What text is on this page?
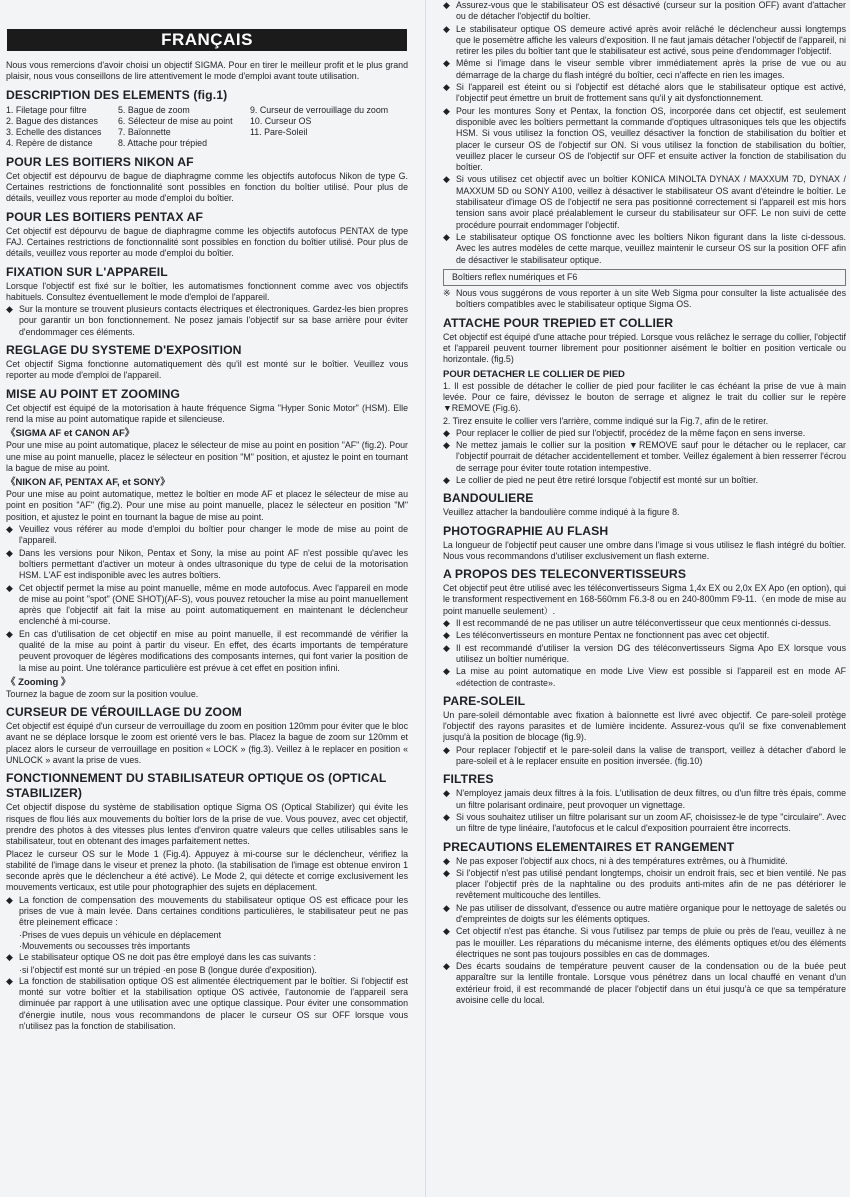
FRANÇAIS

Nous vous remercions d'avoir choisi un objectif SIGMA. Pour en tirer le meilleur profit et le plus grand plaisir, nous vous conseillons de lire attentivement le mode d'emploi avant toute utilisation.

DESCRIPTION DES ELEMENTS (fig.1)
1. Filetage pour filtre	5. Bague de zoom	9. Curseur de verrouillage du zoom
2. Bague des distances	6. Sélecteur de mise au point	10. Curseur OS
3. Echelle des distances	7. Baïonnette	11. Pare-Soleil
4. Repère de distance	8. Attache pour trépied
POUR LES BOITIERS NIKON AF

Cet objectif est dépourvu de bague de diaphragme comme les objectifs autofocus Nikon de type G. Certaines restrictions de fonctionnalité sont possibles en fonction du boîtier utilisé. Pour plus de détails, veuillez vous reporter au mode d'emploi du boîtier.

POUR LES BOITIERS PENTAX AF

Cet objectif est dépourvu de bague de diaphragme comme les objectifs autofocus PENTAX de type FAJ. Certaines restrictions de fonctionnalité sont possibles en fonction du boîtier utilisé. Pour plus de détails, veuillez vous reporter au mode d'emploi du boîtier.

FIXATION SUR L'APPAREIL

Lorsque l'objectif est fixé sur le boîtier, les automatismes fonctionnent comme avec vos objectifs habituels. Consultez éventuellement le mode d'emploi de l'appareil.

◆ Sur la monture se trouvent plusieurs contacts électriques et électroniques. Gardez-les bien propres pour garantir un bon fonctionnement. Ne posez jamais l'objectif sur sa base arrière pour éviter d'endommager ces éléments.
REGLAGE DU SYSTEME D'EXPOSITION

Cet objectif Sigma fonctionne automatiquement dès qu'il est monté sur le boîtier. Veuillez vous reporter au mode d'emploi de l'appareil.

MISE AU POINT ET ZOOMING

Cet objectif est équipé de la motorisation à haute fréquence Sigma "Hyper Sonic Motor" (HSM). Elle rend la mise au point automatique rapide et silencieuse.

《SIGMA AF et CANON AF》

Pour une mise au point automatique, placez le sélecteur de mise au point en position "AF" (fig.2). Pour une mise au point manuelle, placez le sélecteur en position "M" position, et ajustez le point en tournant la bague de mise au point.

《NIKON AF, PENTAX AF, et SONY》

Pour une mise au point automatique, mettez le boîtier en mode AF et placez le sélecteur de mise au point en position "AF" (fig.2). Pour une mise au point manuelle, placez le sélecteur en position "M" position, et ajustez le point en tournant la bague de mise au point.

◆ Veuillez vous référer au mode d'emploi du boîtier pour changer le mode de mise au point de l'appareil.
◆ Dans les versions pour Nikon, Pentax et Sony, la mise au point AF n'est possible qu'avec les boîtiers permettant d'activer un moteur à ondes ultrasonique du type de celui de la motorisation HSM. L'AF est indisponible avec les autres boîtiers.
◆ Cet objectif permet la mise au point manuelle, même en mode autofocus. Avec l'appareil en mode de mise au point "spot" (ONE SHOT)(AF-S), vous pouvez retoucher la mise au point manuellement après que l'objectif ait fait la mise au point automatiquement en maintenant le déclencheur enclenché à mi-course.
◆ En cas d'utilisation de cet objectif en mise au point manuelle, il est recommandé de vérifier la qualité de la mise au point à partir du viseur. En effet, des écarts importants de température peuvent provoquer de légères modifications des composants internes, qui font varier la position de la mise au point. Une tolérance particulière est prévue à cet effet en position infini.
《 Zooming 》

Tournez la bague de zoom sur la position voulue.

CURSEUR DE VÉROUILLAGE DU ZOOM

Cet objectif est équipé d'un curseur de verrouillage du zoom en position 120mm pour éviter que le bloc avant ne se déplace lorsque le zoom est orienté vers le bas. Placez la bague de zoom sur 120mm et placez alors le curseur de verrouillage en position « LOCK » (fig.3). Veillez à le replacer en position « UNLOCK » avant la prise de vues.

FONCTIONNEMENT DU STABILISATEUR OPTIQUE OS (OPTICAL STABILIZER)

Cet objectif dispose du système de stabilisation optique Sigma OS (Optical Stabilizer) qui évite les risques de flou liés aux mouvements du boîtier lors de la prise de vue. Vous pouvez, avec cet objectif, prendre des photos à des vitesses plus lentes d'environ quatre valeurs que celles utilisables sans le stabilisateur, tout en obtenant des images parfaitement nettes.

Placez le curseur OS sur le Mode 1 (Fig.4). Appuyez à mi-course sur le déclencheur, vérifiez la stabilité de l'image dans le viseur et prenez la photo. (la stabilisation de l'image est obtenue environ 1 seconde après que le déclencheur a été activé). Le Mode 2, qui détecte et corrige exclusivement les mouvements verticaux, est utile pour photographier des sujets en déplacement.

◆ La fonction de compensation des mouvements du stabilisateur optique OS est efficace pour les prises de vue à main levée. Dans certaines conditions particulières, le stabilisateur peut ne pas être pleinement efficace :
·Prises de vues depuis un véhicule en déplacement
·Mouvements ou secousses très importants
◆ Le stabilisateur optique OS ne doit pas être employé dans les cas suivants :
·si l'objectif est monté sur un trépied ·en pose B (longue durée d'exposition).
◆ La fonction de stabilisation optique OS est alimentée électriquement par le boîtier. Si l'objectif est monté sur votre boîtier et la stabilisation optique OS activée, l'autonomie de l'appareil sera diminuée par rapport à une utilisation avec une optique classique. Pour éviter une consommation d'énergie inutile, nous vous recommandons de placer le curseur OS sur OFF lorsque vous n'utilisez pas la fonction de stabilisation.
◆ Assurez-vous que le stabilisateur OS est désactivé (curseur sur la position OFF) avant d'attacher ou de détacher l'objectif du boîtier.
◆ Le stabilisateur optique OS demeure activé après avoir relâché le déclencheur aussi longtemps que le posemètre affiche les valeurs d'exposition. Il ne faut jamais détacher l'objectif de l'appareil, ni retirer les piles du boîtier tant que le stabilisateur est activé, sous peine d'endommager l'objectif.
◆ Même si l'image dans le viseur semble vibrer immédiatement après la prise de vue ou au démarrage de la charge du flash intégré du boîtier, ceci n'affecte en rien les images.
◆ Si l'appareil est éteint ou si l'objectif est détaché alors que le stabilisateur optique est activé, l'objectif peut émettre un bruit de frottement sans qu'il y ait dysfonctionnement.
◆ Pour les montures Sony et Pentax, la fonction OS, incorporée dans cet objectif, est seulement disponible avec les boîtiers permettant la commande d'optiques ultrasoniques tels que les objectifs HSM. Si vous utilisez la fonction OS, veuillez désactiver la fonction de stabilisation du boîtier et placer le curseur OS de l'objectif sur ON. Si vous utilisez la fonction de stabilisation du boîtier, veuillez placer le curseur OS de l'objectif sur OFF et ensuite activer la fonction de stabilisation du boîtier.
◆ Si vous utilisez cet objectif avec un boîtier KONICA MINOLTA DYNAX / MAXXUM 7D, DYNAX / MAXXUM 5D ou SONY A100, veillez à désactiver le stabilisateur OS avant d'éteindre le boîtier. Le stabilisateur d'image OS de l'objectif ne sera pas positionné correctement si l'appareil est mis hors tension sans avoir placé préalablement le curseur du stabilisateur sur OFF. Le non suivi de cette procédure pourrait endommager l'objectif.
◆ Le stabilisateur optique OS fonctionne avec les boîtiers Nikon figurant dans la liste ci-dessous. Avec les autres modèles de cette marque, veuillez maintenir le curseur OS sur la position OFF afin de désactiver le stabilisateur optique.
Boîtiers reflex numériques et F6
※ Nous vous suggérons de vous reporter à un site Web Sigma pour consulter la liste actualisée des boîtiers compatibles avec le stabilisateur optique Sigma OS.
ATTACHE POUR TREPIED ET COLLIER

Cet objectif est équipé d'une attache pour trépied. Lorsque vous relâchez le serrage du collier, l'objectif et l'appareil peuvent tourner librement pour positionner aisément le boîtier en position verticale ou horizontale. (fig.5)

POUR DETACHER LE COLLIER DE PIED

1. Il est possible de détacher le collier de pied pour faciliter le cas échéant la prise de vue à main levée. Pour ce faire, dévissez le bouton de serrage et alignez le trait du collier sur le repère ▼REMOVE (Fig.6).

2. Tirez ensuite le collier vers l'arrière, comme indiqué sur la Fig.7, afin de le retirer.

◆ Pour replacer le collier de pied sur l'objectif, procédez de la même façon en sens inverse.
◆ Ne mettez jamais le collier sur la position ▼REMOVE sauf pour le détacher ou le replacer, car l'objectif pourrait de détacher accidentellement et tomber. Veillez également à bien resserrer l'écrou de serrage pour éviter toute rotation intempestive.
◆ Le collier de pied ne peut être retiré lorsque l'objectif est monté sur un boîtier.
BANDOULIERE

Veuillez attacher la bandoulière comme indiqué à la figure 8.

PHOTOGRAPHIE AU FLASH

La longueur de l'objectif peut causer une ombre dans l'image si vous utilisez le flash intégré du boîtier. Nous vous recommandons d'utiliser exclusivement un flash externe.

A PROPOS DES TELECONVERTISSEURS

Cet objectif peut être utilisé avec les téléconvertisseurs Sigma 1,4x EX ou 2,0x EX Apo (en option), qui le transforment respectivement en 168-560mm F6.3-8 ou en 240-800mm F9-11.（en mode de mise au point manuelle seulement）.

◆ Il est recommandé de ne pas utiliser un autre téléconvertisseur que ceux mentionnés ci-dessus.
◆ Les téléconvertisseurs en monture Pentax ne fonctionnent pas avec cet objectif.
◆ Il est recommandé d'utiliser la version DG des téléconvertisseurs Sigma Apo EX lorsque vous utilisez un boîtier numérique.
◆ La mise au point automatique en mode Live View est possible si l'appareil est en mode AF «détection de contraste».
PARE-SOLEIL

Un pare-soleil démontable avec fixation à baïonnette est livré avec objectif. Ce pare-soleil protège l'objectif des rayons parasites et de lumière incidente. Assurez-vous qu'il se fixe convenablement jusqu'à la position de blocage (fig.9).

◆ Pour replacer l'objectif et le pare-soleil dans la valise de transport, veillez à détacher d'abord le pare-soleil et à le replacer ensuite en position inversée. (fig.10)
FILTRES
◆ N'employez jamais deux filtres à la fois. L'utilisation de deux filtres, ou d'un filtre très épais, comme un filtre polarisant ordinaire, peut provoquer un vignettage.
◆ Si vous souhaitez utiliser un filtre polarisant sur un zoom AF, choisissez-le de type "circulaire". Avec un filtre de type linéaire, l'autofocus et le calcul d'exposition pourraient être incorrects.
PRECAUTIONS ELEMENTAIRES ET RANGEMENT
◆ Ne pas exposer l'objectif aux chocs, ni à des températures extrêmes, ou à l'humidité.
◆ Si l'objectif n'est pas utilisé pendant longtemps, choisir un endroit frais, sec et bien ventilé. Ne pas placer l'objectif près de la naphtaline ou des produits anti-mites afin de ne pas détériorer le revêtement multicouche des lentilles.
◆ Ne pas utiliser de dissolvant, d'essence ou autre matière organique pour le nettoyage de saletés ou d'empreintes de doigts sur les éléments optiques.
◆ Cet objectif n'est pas étanche. Si vous l'utilisez par temps de pluie ou près de l'eau, veuillez à ne pas le mouiller. Les réparations du mécanisme interne, des éléments optiques et/ou des éléments électriques ne sont pas toujours possibles en cas de dommages.
◆ Des écarts soudains de température peuvent causer de la condensation ou de la buée peut apparaître sur la lentille frontale. Lorsque vous pénétrez dans un local chauffé en venant d'un extérieur froid, il est recommandé de placer l'objectif dans un étui jusqu'à ce que sa température avoisine celle du local.
